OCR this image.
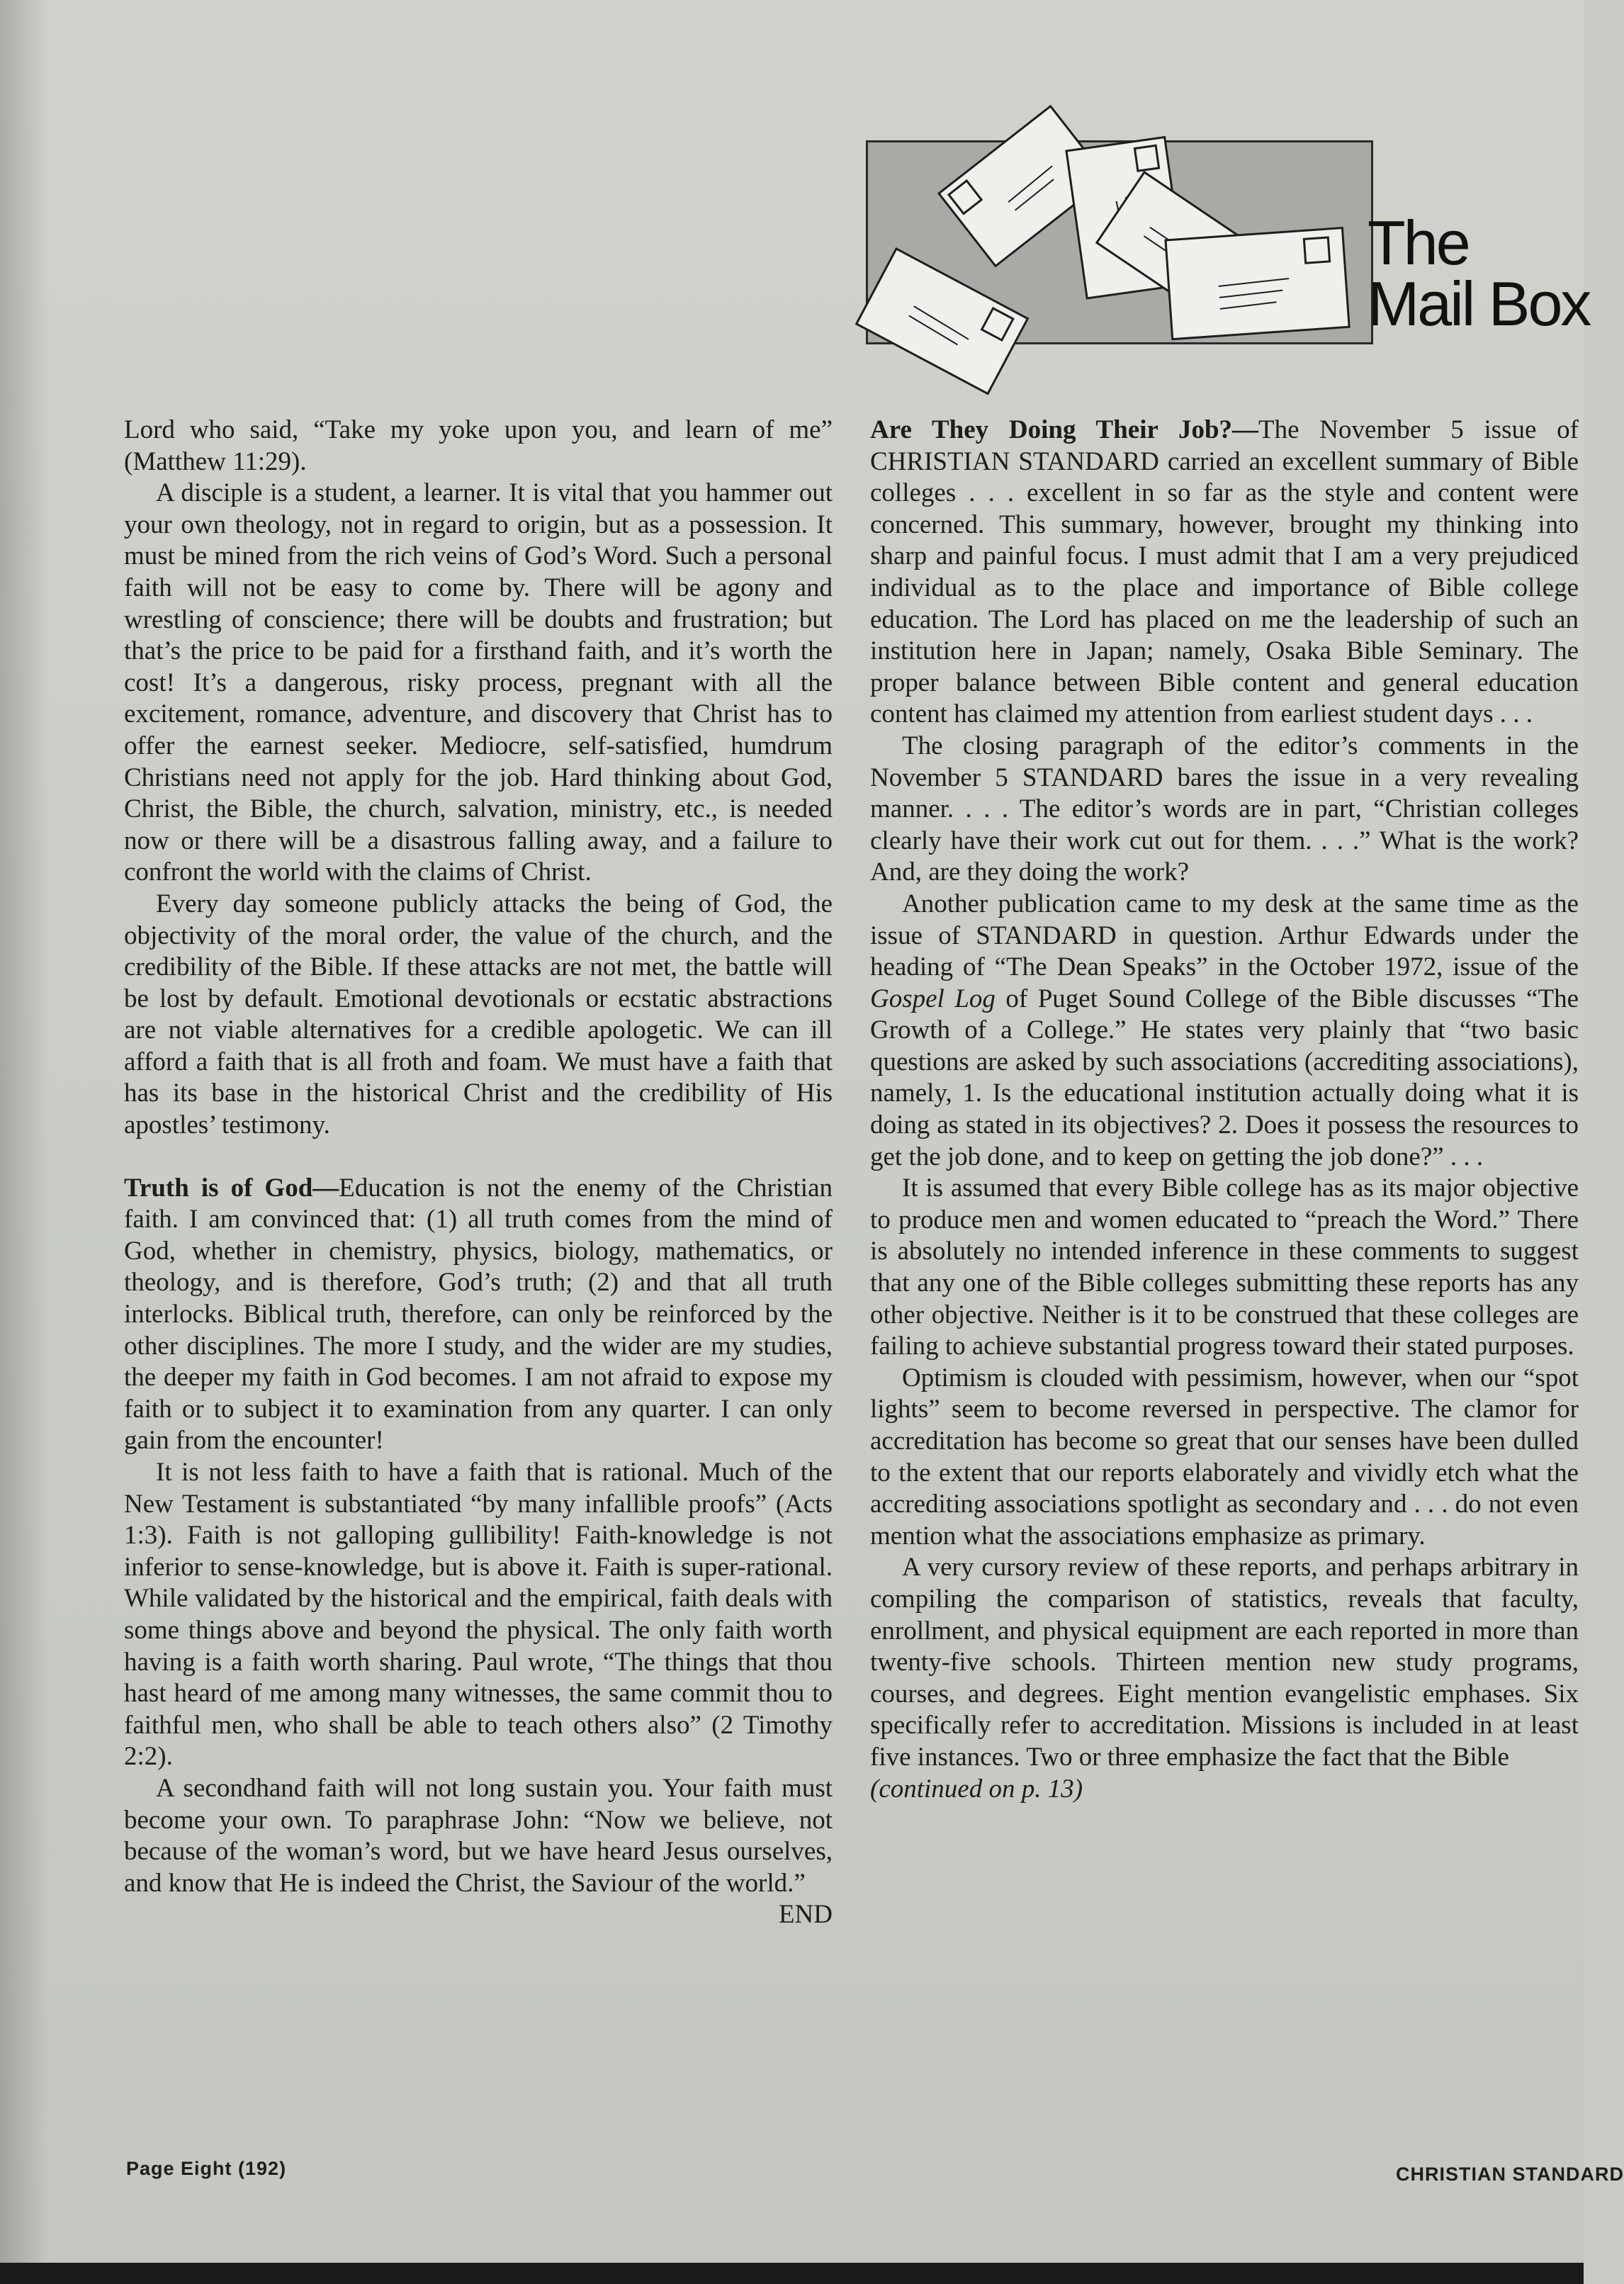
The
Mail Box

Lord who said, “Take my yoke upon you, and learn of me” (Matthew 11:29).

A disciple is a student, a learner. It is vital that you hammer out your own theology, not in regard to origin, but as a possession. It must be mined from the rich veins of God’s Word. Such a personal faith will not be easy to come by. There will be agony and wrestling of conscience; there will be doubts and frustration; but that’s the price to be paid for a firsthand faith, and it’s worth the cost! It’s a dangerous, risky process, pregnant with all the excitement, romance, adventure, and discovery that Christ has to offer the earnest seeker. Mediocre, self-satisfied, humdrum Christians need not apply for the job. Hard thinking about God, Christ, the Bible, the church, salvation, ministry, etc., is needed now or there will be a disastrous falling away, and a failure to confront the world with the claims of Christ.

Every day someone publicly attacks the being of God, the objectivity of the moral order, the value of the church, and the credibility of the Bible. If these attacks are not met, the battle will be lost by default. Emotional devotionals or ecstatic abstractions are not viable alternatives for a credible apologetic. We can ill afford a faith that is all froth and foam. We must have a faith that has its base in the historical Christ and the credibility of His apostles’ testimony.

Truth is of God—Education is not the enemy of the Christian faith. I am convinced that: (1) all truth comes from the mind of God, whether in chemistry, physics, biology, mathematics, or theology, and is therefore, God’s truth; (2) and that all truth interlocks. Biblical truth, therefore, can only be reinforced by the other disciplines. The more I study, and the wider are my studies, the deeper my faith in God becomes. I am not afraid to expose my faith or to subject it to examination from any quarter. I can only gain from the encounter!

It is not less faith to have a faith that is rational. Much of the New Testament is substantiated “by many infallible proofs” (Acts 1:3). Faith is not galloping gullibility! Faith-knowledge is not inferior to sense-knowledge, but is above it. Faith is super-rational. While validated by the historical and the empirical, faith deals with some things above and beyond the physical. The only faith worth having is a faith worth sharing. Paul wrote, “The things that thou hast heard of me among many witnesses, the same commit thou to faithful men, who shall be able to teach others also” (2 Timothy 2:2).

A secondhand faith will not long sustain you. Your faith must become your own. To paraphrase John: “Now we believe, not because of the woman’s word, but we have heard Jesus ourselves, and know that He is indeed the Christ, the Saviour of the world.”
END

Are They Doing Their Job?—The November 5 issue of CHRISTIAN STANDARD carried an excellent summary of Bible colleges . . . excellent in so far as the style and content were concerned. This summary, however, brought my thinking into sharp and painful focus. I must admit that I am a very prejudiced individual as to the place and importance of Bible college education. The Lord has placed on me the leadership of such an institution here in Japan; namely, Osaka Bible Seminary. The proper balance between Bible content and general education content has claimed my attention from earliest student days . . .

The closing paragraph of the editor’s comments in the November 5 STANDARD bares the issue in a very revealing manner. . . . The editor’s words are in part, “Christian colleges clearly have their work cut out for them. . . .” What is the work? And, are they doing the work?

Another publication came to my desk at the same time as the issue of STANDARD in question. Arthur Edwards under the heading of “The Dean Speaks” in the October 1972, issue of the Gospel Log of Puget Sound College of the Bible discusses “The Growth of a College.” He states very plainly that “two basic questions are asked by such associations (accrediting associations), namely, 1. Is the educational institution actually doing what it is doing as stated in its objectives? 2. Does it possess the resources to get the job done, and to keep on getting the job done?” . . .

It is assumed that every Bible college has as its major objective to produce men and women educated to “preach the Word.” There is absolutely no intended inference in these comments to suggest that any one of the Bible colleges submitting these reports has any other objective. Neither is it to be construed that these colleges are failing to achieve substantial progress toward their stated purposes.

Optimism is clouded with pessimism, however, when our “spot lights” seem to become reversed in perspective. The clamor for accreditation has become so great that our senses have been dulled to the extent that our reports elaborately and vividly etch what the accrediting associations spotlight as secondary and . . . do not even mention what the associations emphasize as primary.

A very cursory review of these reports, and perhaps arbitrary in compiling the comparison of statistics, reveals that faculty, enrollment, and physical equipment are each reported in more than twenty-five schools. Thirteen mention new study programs, courses, and degrees. Eight mention evangelistic emphases. Six specifically refer to accreditation. Missions is included in at least five instances. Two or three emphasize the fact that the Bible

(continued on p. 13)

Page Eight (192)	CHRISTIAN STANDARD
